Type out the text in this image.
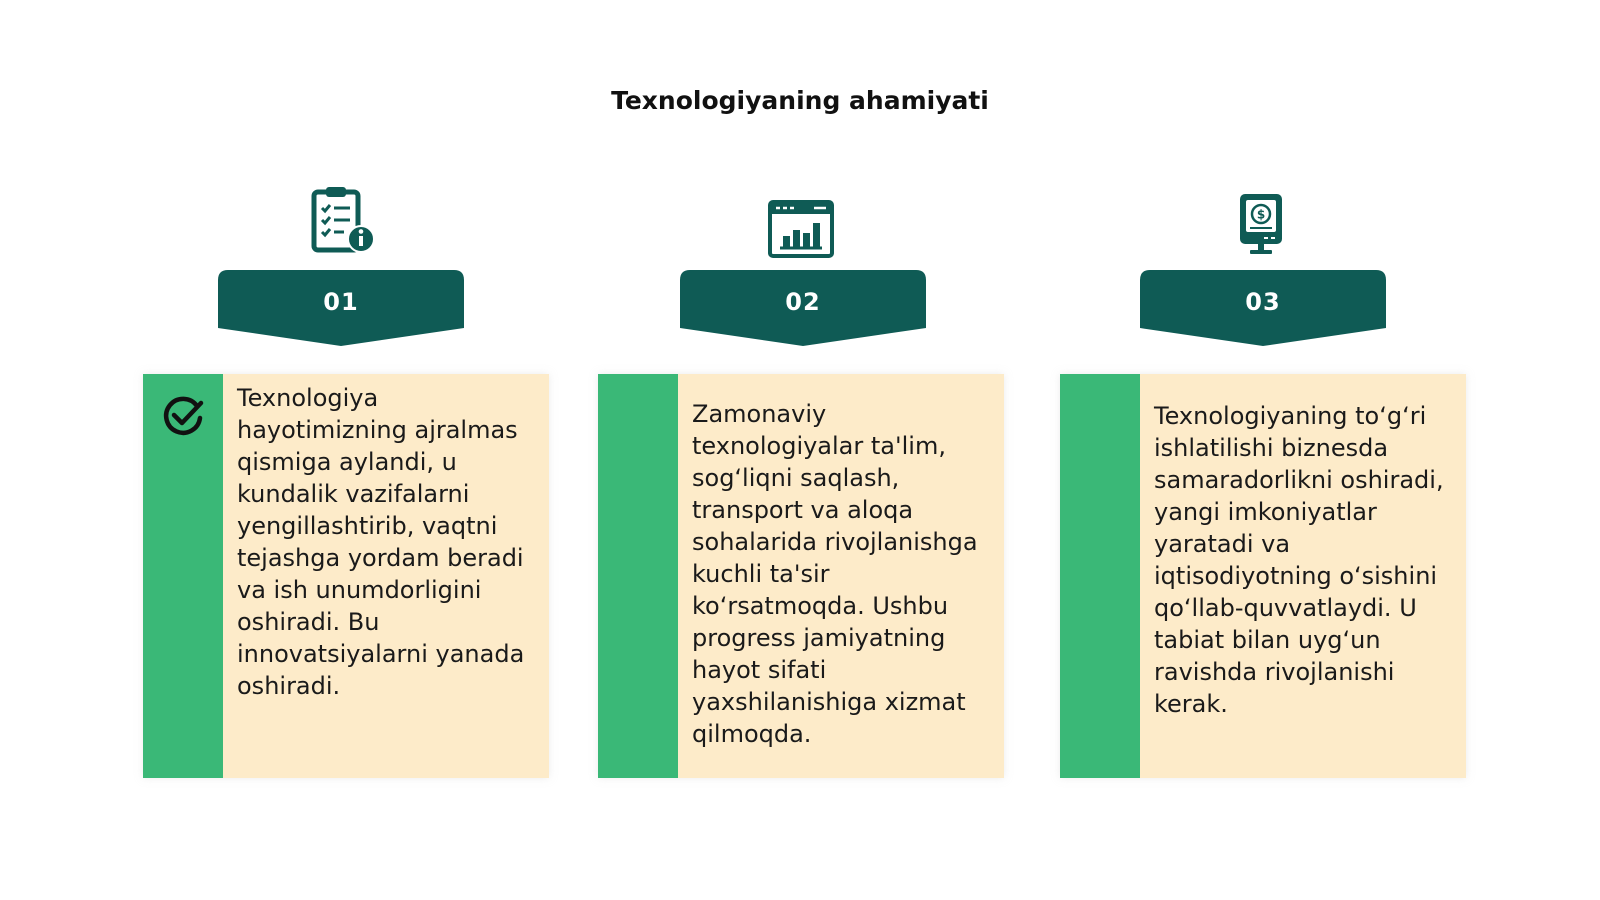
Texnologiyaning ahamiyati
01
Texnologiya hayotimizning ajralmas qismiga aylandi, u kundalik vazifalarni yengillashtirib, vaqtni tejashga yordam beradi va ish unumdorligini oshiradi. Bu innovatsiyalarni yanada oshiradi.
02
Zamonaviy texnologiyalar ta'lim, sog‘liqni saqlash, transport va aloqa sohalarida rivojlanishga kuchli ta'sir ko‘rsatmoqda. Ushbu progress jamiyatning hayot sifati yaxshilanishiga xizmat qilmoqda.
$
03
Texnologiyaning to‘g‘ri ishlatilishi biznesda samaradorlikni oshiradi, yangi imkoniyatlar yaratadi va iqtisodiyotning o‘sishini qo‘llab-quvvatlaydi. U tabiat bilan uyg‘un ravishda rivojlanishi kerak.
